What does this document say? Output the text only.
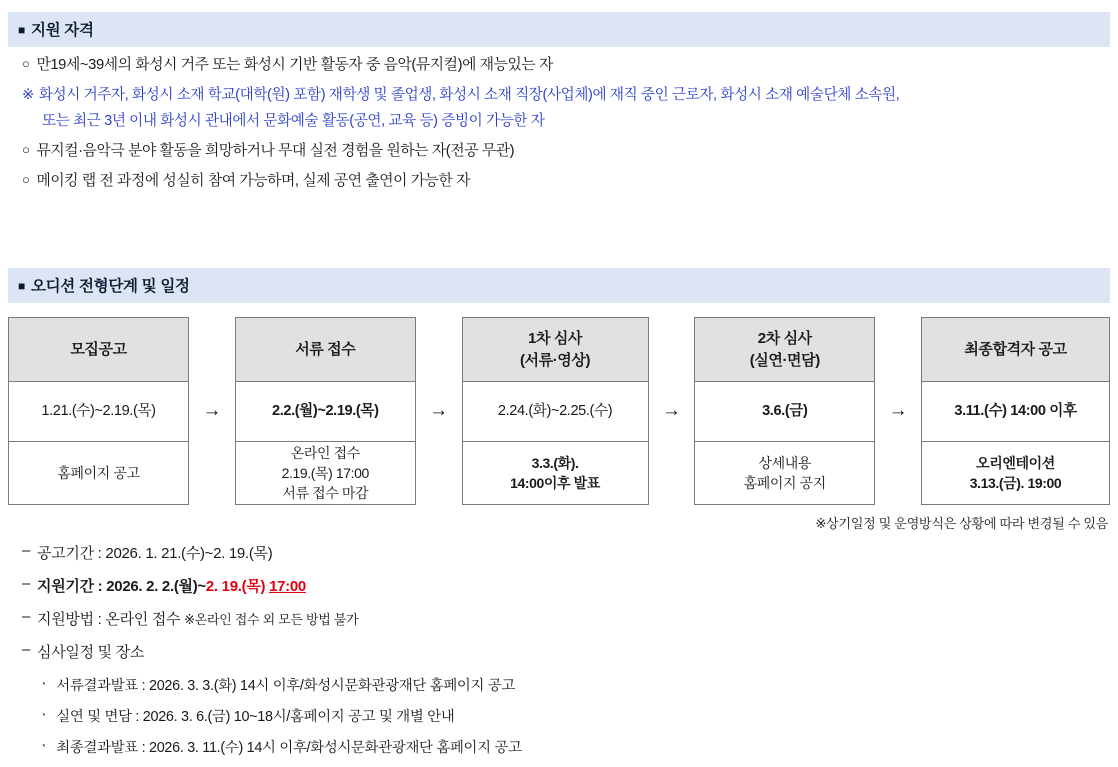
■ 지원 자격
○ 만19세~39세의 화성시 거주 또는 화성시 기반 활동자 중 음악(뮤지컬)에 재능있는 자
※ 화성시 거주자, 화성시 소재 학교(대학(원) 포함) 재학생 및 졸업생, 화성시 소재 직장(사업체)에 재직 중인 근로자, 화성시 소재 예술단체 소속원,
또는 최근 3년 이내 화성시 관내에서 문화예술 활동(공연, 교육 등) 증빙이 가능한 자
○ 뮤지컬·음악극 분야 활동을 희망하거나 무대 실전 경험을 원하는 자(전공 무관)
○ 메이킹 랩 전 과정에 성실히 참여 가능하며, 실제 공연 출연이 가능한 자
■ 오디션 전형단계 및 일정
모집공고
1.21.(수)~2.19.(목)
홈페이지 공고
→
서류 접수
2.2.(월)~2.19.(목)
온라인 접수
2.19.(목) 17:00
서류 접수 마감
→
1차 심사
(서류·영상)
2.24.(화)~2.25.(수)
3.3.(화).
14:00이후 발표
→
2차 심사
(실연·면담)
3.6.(금)
상세내용
홈페이지 공지
→
최종합격자 공고
3.11.(수) 14:00 이후
오리엔테이션
3.13.(금). 19:00
※상기일정 및 운영방식은 상황에 따라 변경될 수 있음
– 공고기간 : 2026. 1. 21.(수)~2. 19.(목)
– 지원기간 : 2026. 2. 2.(월)~2. 19.(목) 17:00
– 지원방법 : 온라인 접수 ※온라인 접수 외 모든 방법 불가
– 심사일정 및 장소
ㆍ 서류결과발표 : 2026. 3. 3.(화) 14시 이후/화성시문화관광재단 홈페이지 공고
ㆍ 실연 및 면담 : 2026. 3. 6.(금) 10~18시/홈페이지 공고 및 개별 안내
ㆍ 최종결과발표 : 2026. 3. 11.(수) 14시 이후/화성시문화관광재단 홈페이지 공고
